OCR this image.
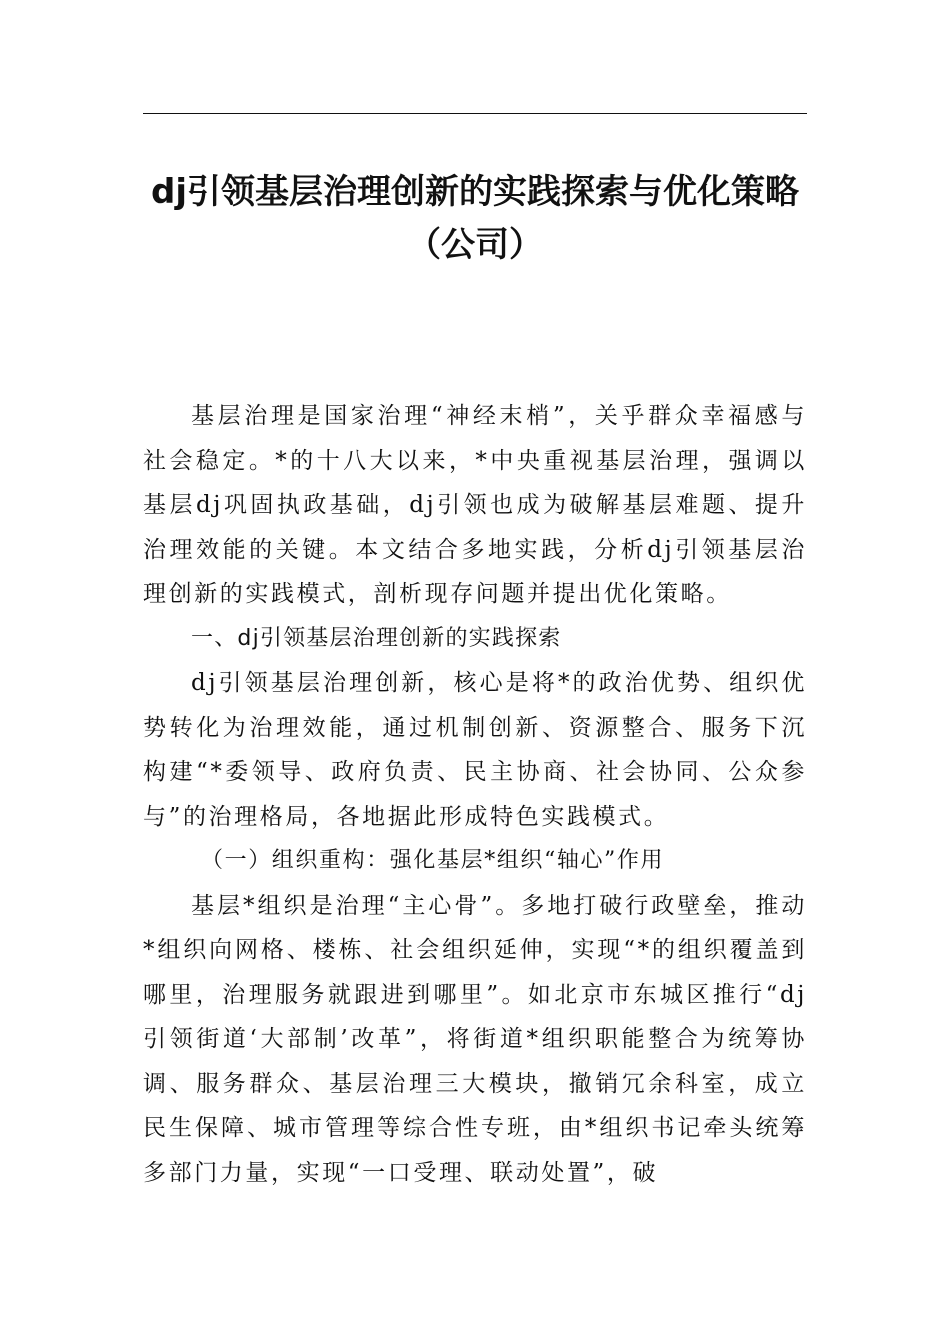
dj引领基层治理创新的实践探索与优化策略（公司）

基层治理是国家治理“神经末梢”，关乎群众幸福感与社会稳定。*的十八大以来，*中央重视基层治理，强调以基层dj巩固执政基础，dj引领也成为破解基层难题、提升治理效能的关键。本文结合多地实践，分析dj引领基层治理创新的实践模式，剖析现存问题并提出优化策略。

一、dj引领基层治理创新的实践探索

dj引领基层治理创新，核心是将*的政治优势、组织优势转化为治理效能，通过机制创新、资源整合、服务下沉构建“*委领导、政府负责、民主协商、社会协同、公众参与”的治理格局，各地据此形成特色实践模式。

（一）组织重构：强化基层*组织“轴心”作用

基层*组织是治理“主心骨”。多地打破行政壁垒，推动*组织向网格、楼栋、社会组织延伸，实现“*的组织覆盖到哪里，治理服务就跟进到哪里”。如北京市东城区推行“dj引领街道‘大部制’改革”，将街道*组织职能整合为统筹协调、服务群众、基层治理三大模块，撤销冗余科室，成立民生保障、城市管理等综合性专班，由*组织书记牵头统筹多部门力量，实现“一口受理、联动处置”，破
